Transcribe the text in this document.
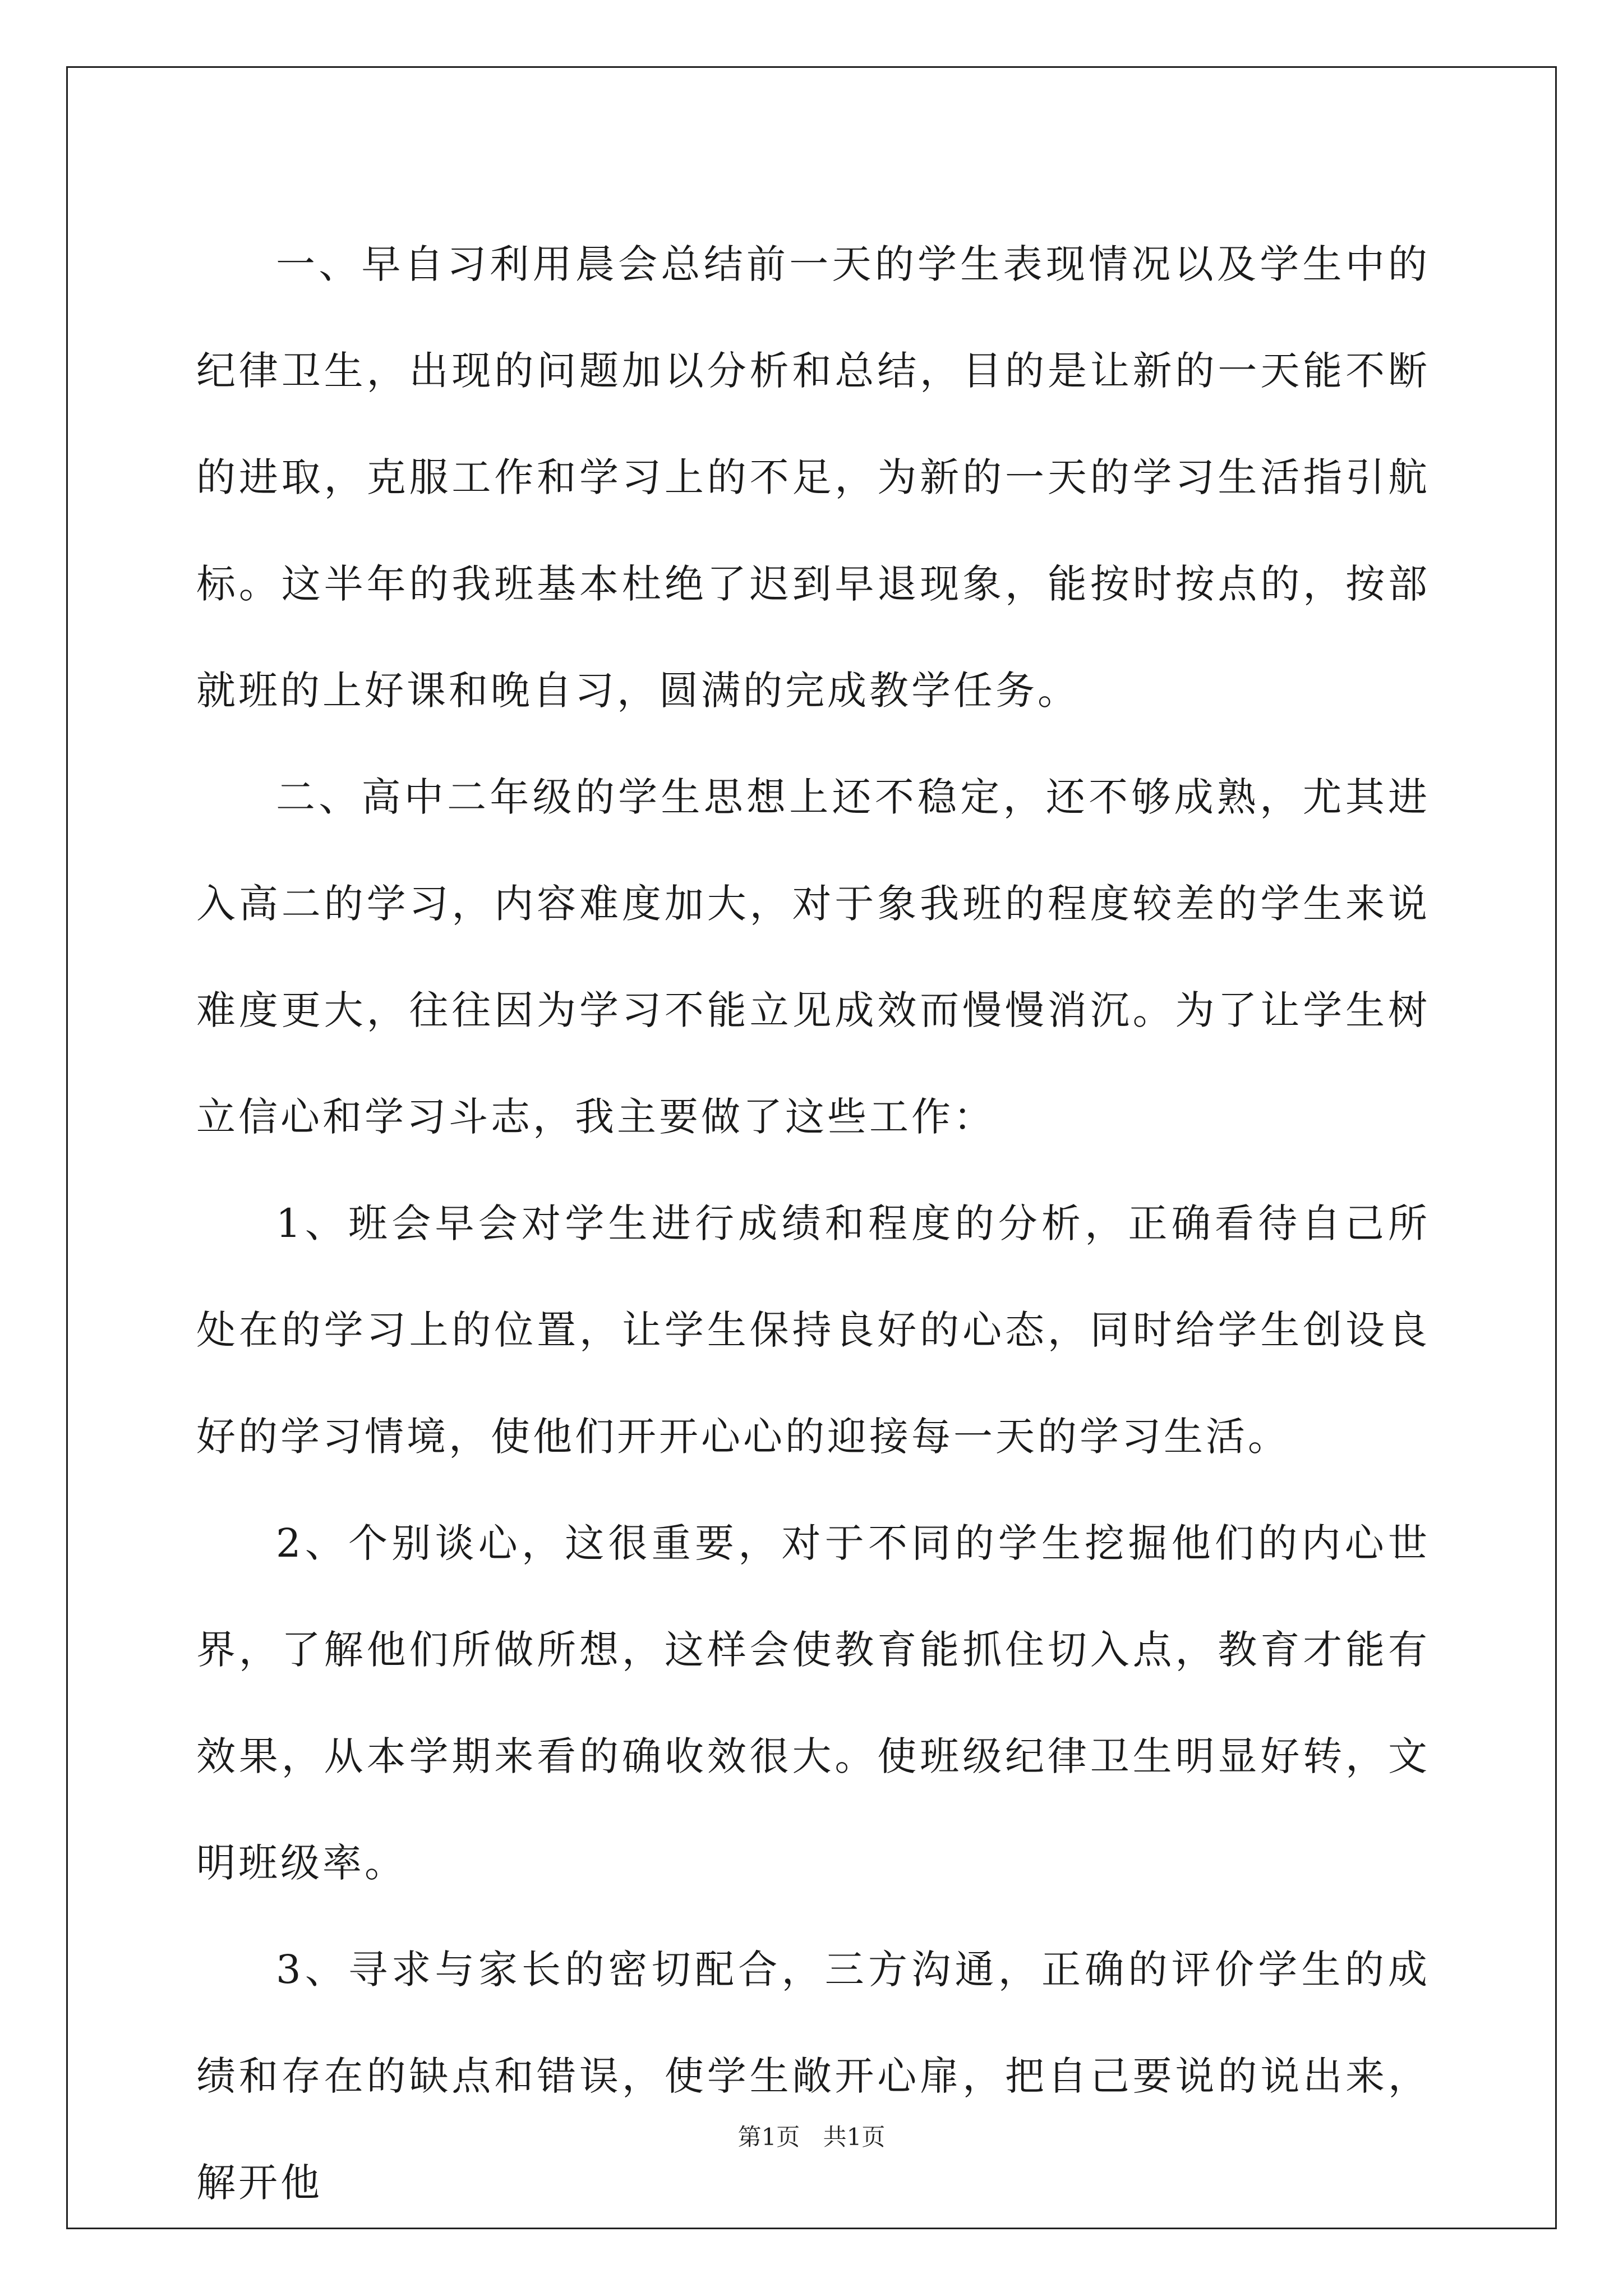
一、早自习利用晨会总结前一天的学生表现情况以及学生中的纪律卫生，出现的问题加以分析和总结，目的是让新的一天能不断的进取，克服工作和学习上的不足，为新的一天的学习生活指引航标。这半年的我班基本杜绝了迟到早退现象，能按时按点的，按部就班的上好课和晚自习，圆满的完成教学任务。

二、高中二年级的学生思想上还不稳定，还不够成熟，尤其进入高二的学习，内容难度加大，对于象我班的程度较差的学生来说难度更大，往往因为学习不能立见成效而慢慢消沉。为了让学生树立信心和学习斗志，我主要做了这些工作：

1、班会早会对学生进行成绩和程度的分析，正确看待自己所处在的学习上的位置，让学生保持良好的心态，同时给学生创设良好的学习情境，使他们开开心心的迎接每一天的学习生活。

2、个别谈心，这很重要，对于不同的学生挖掘他们的内心世界，了解他们所做所想，这样会使教育能抓住切入点，教育才能有效果，从本学期来看的确收效很大。使班级纪律卫生明显好转，文明班级率。

3、寻求与家长的密切配合，三方沟通，正确的评价学生的成绩和存在的缺点和错误，使学生敞开心扉，把自己要说的说出来，解开他

第1页 共1页
